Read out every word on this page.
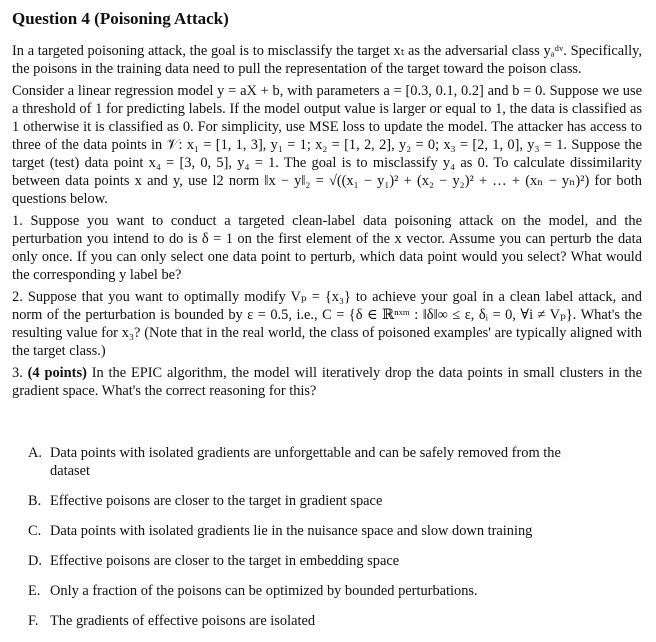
Question 4 (Poisoning Attack)

In a targeted poisoning attack, the goal is to misclassify the target xₜ as the adversarial class yₐᵈᵛ. Specifically, the poisons in the training data need to pull the representation of the target toward the poison class.

Consider a linear regression model y = aX + b, with parameters a = [0.3, 0.1, 0.2] and b = 0. Suppose we use a threshold of 1 for predicting labels. If the model output value is larger or equal to 1, the data is classified as 1 otherwise it is classified as 0. For simplicity, use MSE loss to update the model. The attacker has access to three of the data points in 𝒱: x₁ = [1, 1, 3], y₁ = 1; x₂ = [1, 2, 2], y₂ = 0; x₃ = [2, 1, 0], y₃ = 1. Suppose the target (test) data point x₄ = [3, 0, 5], y₄ = 1. The goal is to misclassify y₄ as 0. To calculate dissimilarity between data points x and y, use l2 norm ‖x − y‖₂ = √((x₁ − y₁)² + (x₂ − y₂)² + … + (xₙ − yₙ)²) for both questions below.

1. Suppose you want to conduct a targeted clean-label data poisoning attack on the model, and the perturbation you intend to do is δ = 1 on the first element of the x vector. Assume you can perturb the data only once. If you can only select one data point to perturb, which data point would you select? What would the corresponding y label be?

2. Suppose that you want to optimally modify Vₚ = {x₃} to achieve your goal in a clean label attack, and norm of the perturbation is bounded by ε = 0.5, i.e., C = {δ ∈ ℝⁿˣᵐ : ‖δ‖∞ ≤ ε, δᵢ = 0, ∀i ≠ Vₚ}. What's the resulting value for x₃? (Note that in the real world, the class of poisoned examples' are typically aligned with the target class.)

3. (4 points) In the EPIC algorithm, the model will iteratively drop the data points in small clusters in the gradient space. What's the correct reasoning for this?

A. Data points with isolated gradients are unforgettable and can be safely removed from the
dataset
B. Effective poisons are closer to the target in gradient space
C. Data points with isolated gradients lie in the nuisance space and slow down training
D. Effective poisons are closer to the target in embedding space
E. Only a fraction of the poisons can be optimized by bounded perturbations.
F. The gradients of effective poisons are isolated
